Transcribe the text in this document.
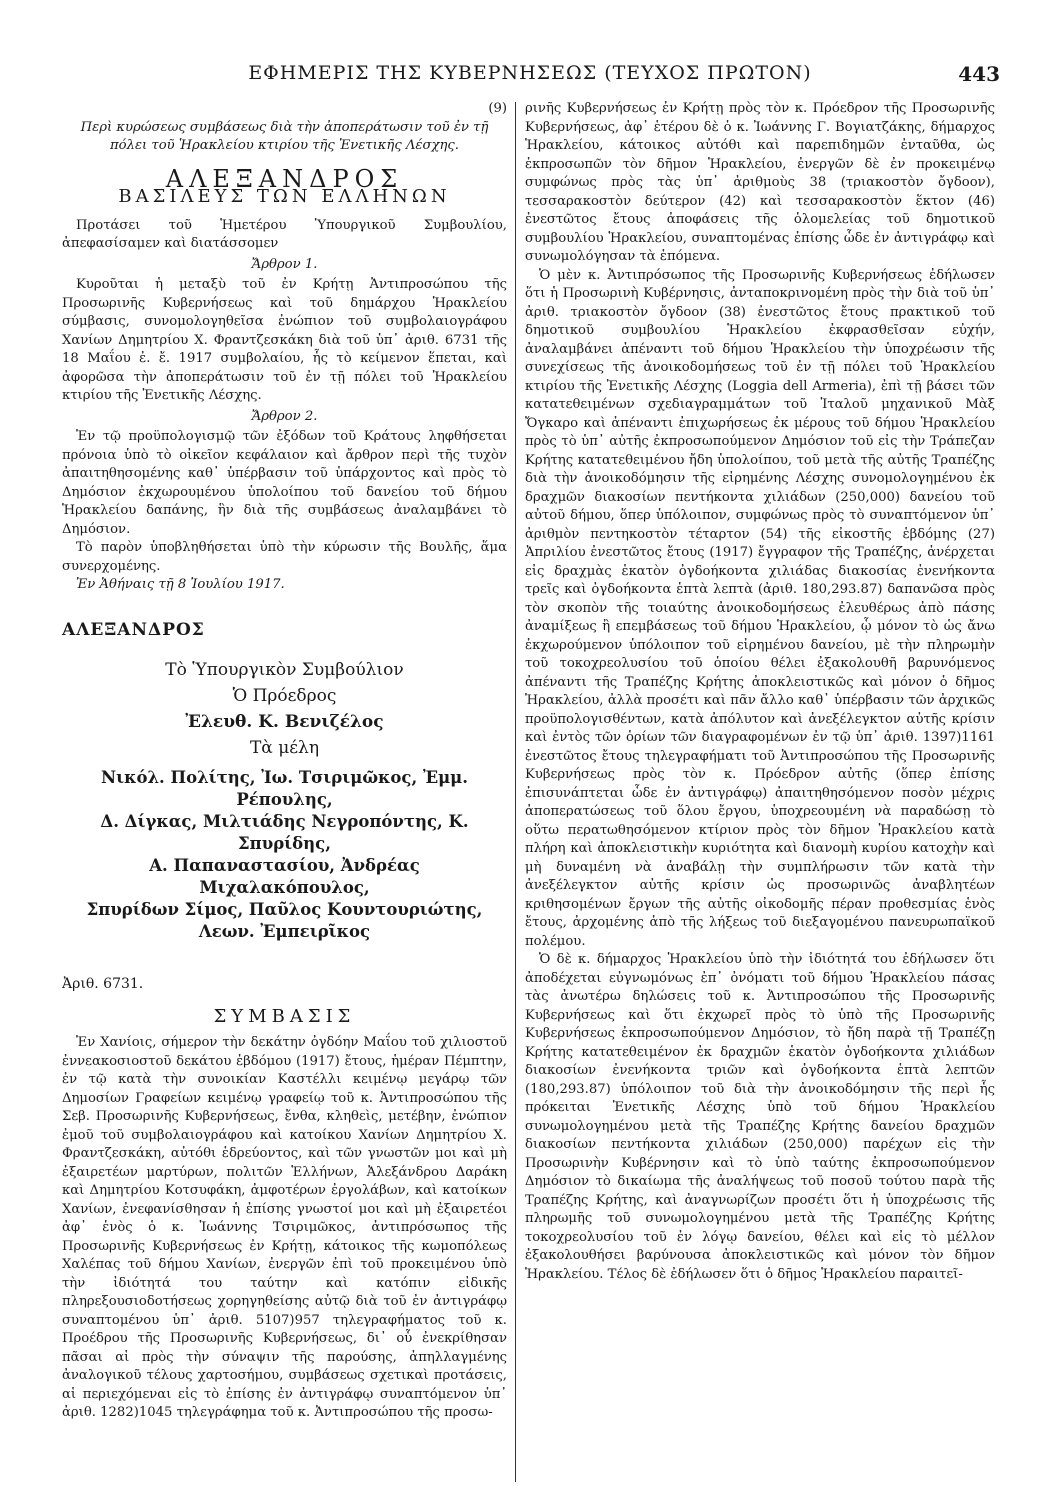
ΕΦΗΜΕΡΙΣ ΤΗΣ ΚΥΒΕΡΝΗΣΕΩΣ (ΤΕΥΧΟΣ ΠΡΩΤΟΝ)	443

(9)

Περὶ κυρώσεως συμβάσεως διὰ τὴν ἀποπεράτωσιν τοῦ ἐν τῇ πόλει τοῦ Ἡρακλείου κτιρίου τῆς Ἐνετικῆς Λέσχης.

ΑΛΕΞΑΝΔΡΟΣ

ΒΑΣΙΛΕΥΣ ΤΩΝ ΕΛΛΗΝΩΝ

Προτάσει τοῦ Ἡμετέρου Ὑπουργικοῦ Συμβουλίου, ἀπεφασίσαμεν καὶ διατάσσομεν

Ἄρθρον 1.

Κυροῦται ἡ μεταξὺ τοῦ ἐν Κρήτῃ Ἀντιπροσώπου τῆς Προσωρινῆς Κυβερνήσεως καὶ τοῦ δημάρχου Ἡρακλείου σύμβασις, συνομολογηθεῖσα ἐνώπιον τοῦ συμβολαιογράφου Χανίων Δημητρίου Χ. Φραντζεσκάκη διὰ τοῦ ὑπ᾿ ἀριθ. 6731 τῆς 18 Μαΐου ἐ. ἔ. 1917 συμβολαίου, ἧς τὸ κείμενον ἕπεται, καὶ ἀφορῶσα τὴν ἀποπεράτωσιν τοῦ ἐν τῇ πόλει τοῦ Ἡρακλείου κτιρίου τῆς Ἐνετικῆς Λέσχης.

Ἄρθρον 2.

Ἐν τῷ προϋπολογισμῷ τῶν ἐξόδων τοῦ Κράτους ληφθήσεται πρόνοια ὑπὸ τὸ οἰκεῖον κεφάλαιον καὶ ἄρθρον περὶ τῆς τυχὸν ἀπαιτηθησομένης καθ᾿ ὑπέρβασιν τοῦ ὑπάρχοντος καὶ πρὸς τὸ Δημόσιον ἐκχωρουμένου ὑπολοίπου τοῦ δανείου τοῦ δήμου Ἡρακλείου δαπάνης, ἣν διὰ τῆς συμβάσεως ἀναλαμβάνει τὸ Δημόσιον.

Τὸ παρὸν ὑποβληθήσεται ὑπὸ τὴν κύρωσιν τῆς Βουλῆς, ἅμα συνερχομένης.

Ἐν Ἀθήναις τῇ 8 Ἰουλίου 1917.

ΑΛΕΞΑΝΔΡΟΣ

Τὸ Ὑπουργικὸν Συμβούλιον

Ὁ Πρόεδρος

Ἐλευθ. Κ. Βενιζέλος

Τὰ μέλη

Νικόλ. Πολίτης, Ἰω. Τσιριμῶκος, Ἐμμ. Ρέπουλης,
Δ. Δίγκας, Μιλτιάδης Νεγροπόντης, Κ. Σπυρίδης,
Α. Παπαναστασίου, Ἀνδρέας Μιχαλακόπουλος,
Σπυρίδων Σίμος, Παῦλος Κουντουριώτης,
Λεων. Ἐμπειρῖκος

Ἀριθ. 6731.

ΣΥΜΒΑΣΙΣ

Ἐν Χανίοις, σήμερον τὴν δεκάτην ὀγδόην Μαΐου τοῦ χιλιοστοῦ ἐννεακοσιοστοῦ δεκάτου ἑβδόμου (1917) ἔτους, ἡμέραν Πέμπτην, ἐν τῷ κατὰ τὴν συνοικίαν Καστέλλι κειμένῳ μεγάρῳ τῶν Δημοσίων Γραφείων κειμένῳ γραφείῳ τοῦ κ. Ἀντιπροσώπου τῆς Σεβ. Προσωρινῆς Κυβερνήσεως, ἔνθα, κληθεὶς, μετέβην, ἐνώπιον ἐμοῦ τοῦ συμβολαιογράφου καὶ κατοίκου Χανίων Δημητρίου Χ. Φραντζεσκάκη, αὐτόθι ἑδρεύοντος, καὶ τῶν γνωστῶν μοι καὶ μὴ ἐξαιρετέων μαρτύρων, πολιτῶν Ἑλλήνων, Ἀλεξάνδρου Δαράκη καὶ Δημητρίου Κοτσυφάκη, ἀμφοτέρων ἐργολάβων, καὶ κατοίκων Χανίων, ἐνεφανίσθησαν ἡ ἐπίσης γνωστοί μοι καὶ μὴ ἐξαιρετέοι ἀφ᾿ ἑνὸς ὁ κ. Ἰωάννης Τσιριμῶκος, ἀντιπρόσωπος τῆς Προσωρινῆς Κυβερνήσεως ἐν Κρήτῃ, κάτοικος τῆς κωμοπόλεως Χαλέπας τοῦ δήμου Χανίων, ἐνεργῶν ἐπὶ τοῦ προκειμένου ὑπὸ τὴν ἰδιότητά του ταύτην καὶ κατόπιν εἰδικῆς πληρεξουσιοδοτήσεως χορηγηθείσης αὐτῷ διὰ τοῦ ἐν ἀντιγράφῳ συναπτομένου ὑπ᾿ ἀριθ. 5107)957 τηλεγραφήματος τοῦ κ. Προέδρου τῆς Προσωρινῆς Κυβερνήσεως, δι᾿ οὗ ἐνεκρίθησαν πᾶσαι αἱ πρὸς τὴν σύναψιν τῆς παρούσης, ἀπηλλαγμένης ἀναλογικοῦ τέλους χαρτοσήμου, συμβάσεως σχετικαὶ προτάσεις, αἱ περιεχόμεναι εἰς τὸ ἐπίσης ἐν ἀντιγράφῳ συναπτόμενον ὑπ᾿ ἀριθ. 1282)1045 τηλεγράφημα τοῦ κ. Ἀντιπροσώπου τῆς προσω-

ρινῆς Κυβερνήσεως ἐν Κρήτῃ πρὸς τὸν κ. Πρόεδρον τῆς Προσωρινῆς Κυβερνήσεως, ἀφ᾿ ἑτέρου δὲ ὁ κ. Ἰωάννης Γ. Βογιατζάκης, δήμαρχος Ἡρακλείου, κάτοικος αὐτόθι καὶ παρεπιδημῶν ἐνταῦθα, ὡς ἐκπροσωπῶν τὸν δῆμον Ἡρακλείου, ἐνεργῶν δὲ ἐν προκειμένῳ συμφώνως πρὸς τὰς ὑπ᾿ ἀριθμοὺς 38 (τριακοστὸν ὄγδοον), τεσσαρακοστὸν δεύτερον (42) καὶ τεσσαρακοστὸν ἕκτον (46) ἐνεστῶτος ἔτους ἀποφάσεις τῆς ὁλομελείας τοῦ δημοτικοῦ συμβουλίου Ἡρακλείου, συναπτομένας ἐπίσης ὧδε ἐν ἀντιγράφῳ καὶ συνωμολόγησαν τὰ ἑπόμενα.

Ὁ μὲν κ. Ἀντιπρόσωπος τῆς Προσωρινῆς Κυβερνήσεως ἐδήλωσεν ὅτι ἡ Προσωρινὴ Κυβέρνησις, ἀνταποκρινομένη πρὸς τὴν διὰ τοῦ ὑπ᾿ ἀριθ. τριακοστὸν ὄγδοον (38) ἐνεστῶτος ἔτους πρακτικοῦ τοῦ δημοτικοῦ συμβουλίου Ἡρακλείου ἐκφρασθεῖσαν εὐχήν, ἀναλαμβάνει ἀπέναντι τοῦ δήμου Ἡρακλείου τὴν ὑποχρέωσιν τῆς συνεχίσεως τῆς ἀνοικοδομήσεως τοῦ ἐν τῇ πόλει τοῦ Ἡρακλείου κτιρίου τῆς Ἐνετικῆς Λέσχης (Loggia dell Armeria), ἐπὶ τῇ βάσει τῶν κατατεθειμένων σχεδιαγραμμάτων τοῦ Ἰταλοῦ μηχανικοῦ Μὰξ Ὄγκαρο καὶ ἀπέναντι ἐπιχωρήσεως ἐκ μέρους τοῦ δήμου Ἡρακλείου πρὸς τὸ ὑπ᾿ αὐτῆς ἐκπροσωπούμενον Δημόσιον τοῦ εἰς τὴν Τράπεζαν Κρήτης κατατεθειμένου ἤδη ὑπολοίπου, τοῦ μετὰ τῆς αὐτῆς Τραπέζης διὰ τὴν ἀνοικοδόμησιν τῆς εἰρημένης Λέσχης συνομολογημένου ἐκ δραχμῶν διακοσίων πεντήκοντα χιλιάδων (250,000) δανείου τοῦ αὐτοῦ δήμου, ὅπερ ὑπόλοιπον, συμφώνως πρὸς τὸ συναπτόμενον ὑπ᾿ ἀριθμὸν πεντηκοστὸν τέταρτον (54) τῆς εἰκοστῆς ἑβδόμης (27) Ἀπριλίου ἐνεστῶτος ἔτους (1917) ἔγγραφον τῆς Τραπέζης, ἀνέρχεται εἰς δραχμὰς ἑκατὸν ὀγδοήκοντα χιλιάδας διακοσίας ἐνενήκοντα τρεῖς καὶ ὀγδοήκοντα ἑπτὰ λεπτὰ (ἀριθ. 180,293.87) δαπανῶσα πρὸς τὸν σκοπὸν τῆς τοιαύτης ἀνοικοδομήσεως ἐλευθέρως ἀπὸ πάσης ἀναμίξεως ἢ επεμβάσεως τοῦ δήμου Ἡρακλείου, ᾧ μόνον τὸ ὡς ἄνω ἐκχωρούμενον ὑπόλοιπον τοῦ εἰρημένου δανείου, μὲ τὴν πληρωμὴν τοῦ τοκοχρεολυσίου τοῦ ὁποίου θέλει ἐξακολουθῆ βαρυνόμενος ἀπέναντι τῆς Τραπέζης Κρήτης ἀποκλειστικῶς καὶ μόνον ὁ δῆμος Ἡρακλείου, ἀλλὰ προσέτι καὶ πᾶν ἄλλο καθ᾿ ὑπέρβασιν τῶν ἀρχικῶς προϋπολογισθέντων, κατὰ ἀπόλυτον καὶ ἀνεξέλεγκτον αὐτῆς κρίσιν καὶ ἐντὸς τῶν ὁρίων τῶν διαγραφομένων ἐν τῷ ὑπ᾿ ἀριθ. 1397)1161 ἐνεστῶτος ἔτους τηλεγραφήματι τοῦ Ἀντιπροσώπου τῆς Προσωρινῆς Κυβερνήσεως πρὸς τὸν κ. Πρόεδρον αὐτῆς (ὅπερ ἐπίσης ἐπισυνάπτεται ὧδε ἐν ἀντιγράφῳ) ἀπαιτηθησόμενον ποσὸν μέχρις ἀποπερατώσεως τοῦ ὅλου ἔργου, ὑποχρεουμένη νὰ παραδώσῃ τὸ οὕτω περατωθησόμενον κτίριον πρὸς τὸν δῆμον Ἡρακλείου κατὰ πλήρη καὶ ἀποκλειστικὴν κυριότητα καὶ διανομὴ κυρίου κατοχὴν καὶ μὴ δυναμένη νὰ ἀναβάλῃ τὴν συμπλήρωσιν τῶν κατὰ τὴν ἀνεξέλεγκτον αὐτῆς κρίσιν ὡς προσωρινῶς ἀναβλητέων κριθησομένων ἔργων τῆς αὐτῆς οἰκοδομῆς πέραν προθεσμίας ἑνὸς ἔτους, ἀρχομένης ἀπὸ τῆς λήξεως τοῦ διεξαγομένου πανευρωπαϊκοῦ πολέμου.

Ὁ δὲ κ. δήμαρχος Ἡρακλείου ὑπὸ τὴν ἰδιότητά του ἐδήλωσεν ὅτι ἀποδέχεται εὐγνωμόνως ἐπ᾿ ὀνόματι τοῦ δήμου Ἡρακλείου πάσας τὰς ἀνωτέρω δηλώσεις τοῦ κ. Ἀντιπροσώπου τῆς Προσωρινῆς Κυβερνήσεως καὶ ὅτι ἐκχωρεῖ πρὸς τὸ ὑπὸ τῆς Προσωρινῆς Κυβερνήσεως ἐκπροσωπούμενον Δημόσιον, τὸ ἤδη παρὰ τῇ Τραπέζῃ Κρήτης κατατεθειμένον ἐκ δραχμῶν ἑκατὸν ὀγδοήκοντα χιλιάδων διακοσίων ἐνενήκοντα τριῶν καὶ ὀγδοήκοντα ἑπτὰ λεπτῶν (180,293.87) ὑπόλοιπον τοῦ διὰ τὴν ἀνοικοδόμησιν τῆς περὶ ἧς πρόκειται Ἐνετικῆς Λέσχης ὑπὸ τοῦ δήμου Ἡρακλείου συνωμολογημένου μετὰ τῆς Τραπέζης Κρήτης δανείου δραχμῶν διακοσίων πεντήκοντα χιλιάδων (250,000) παρέχων εἰς τὴν Προσωρινὴν Κυβέρνησιν καὶ τὸ ὑπὸ ταύτης ἐκπροσωπούμενον Δημόσιον τὸ δικαίωμα τῆς ἀναλήψεως τοῦ ποσοῦ τούτου παρὰ τῆς Τραπέζης Κρήτης, καὶ ἀναγνωρίζων προσέτι ὅτι ἡ ὑποχρέωσις τῆς πληρωμῆς τοῦ συνωμολογημένου μετὰ τῆς Τραπέζης Κρήτης τοκοχρεολυσίου τοῦ ἐν λόγῳ δανείου, θέλει καὶ εἰς τὸ μέλλον ἐξακολουθήσει βαρύνουσα ἀποκλειστικῶς καὶ μόνον τὸν δῆμον Ἡρακλείου. Τέλος δὲ ἐδήλωσεν ὅτι ὁ δῆμος Ἡρακλείου παραιτεῖ-
